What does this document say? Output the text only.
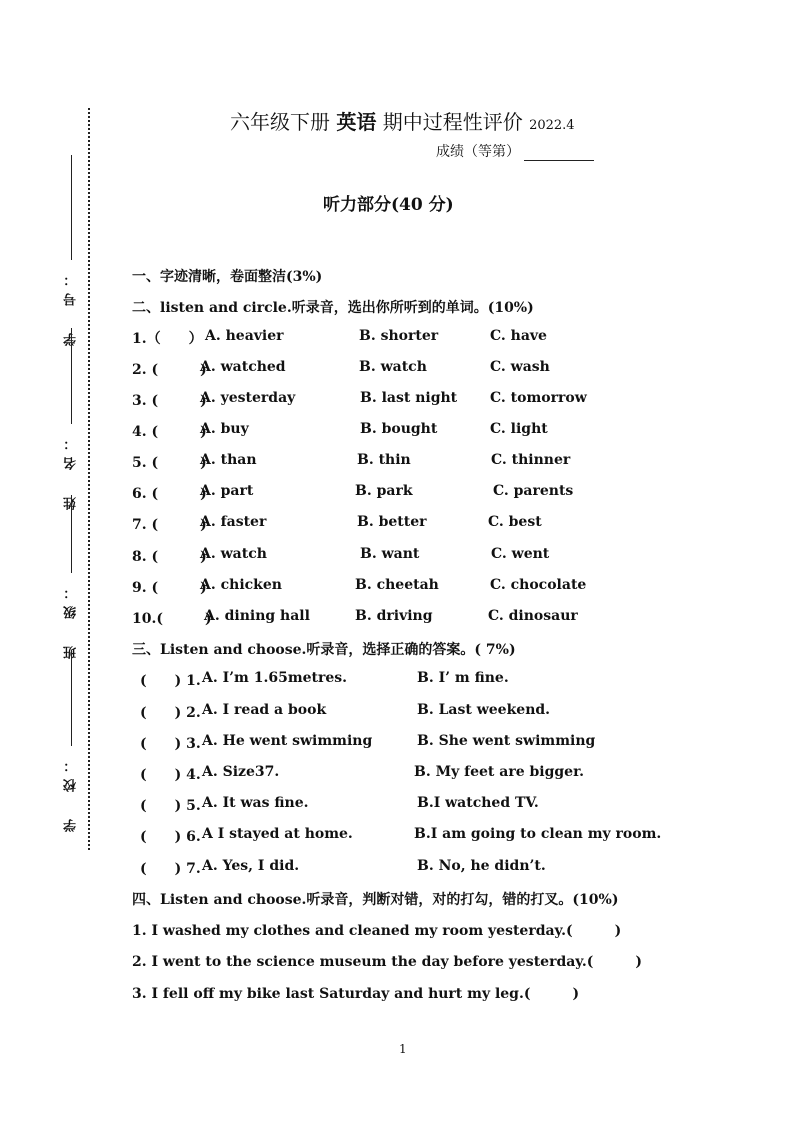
学　号：
姓　名：
班　级：
学　校：
六年级下册 英语 期中过程性评价 2022.4
成绩（等第）
听力部分(40 分)
一、字迹清晰，卷面整洁(3%)
二、listen and circle.听录音，选出你所听到的单词。(10%)
1.（　　） A. heavier	B. shorter	C. have
2. (　　　)
A. watched	B. watch	C. wash
3. (　　　)
A. yesterday	B. last night C. tomorrow
4. (　　　)
A. buy	B. bought	C. light
5. (　　　)
A. than	B. thin	C. thinner
6. (　　　)
A. part	B. park	C. parents
7. (　　　)
A. faster	B. better	C. best
8. (　　　)
A. watch	B. want	C. went
9. (　　　)
A. chicken	B. cheetah	C. chocolate
10.(　　　)
A. dining hall	B. driving	C. dinosaur
三、Listen and choose.听录音，选择正确的答案。( 7%)
(　　) 1. A. I’m 1.65metres.	B. I’ m fine.
(　　) 2. A. I read a book	B. Last weekend.
(　　) 3. A. He went swimming	B. She went swimming
(　　) 4. A. Size37.	B. My feet are bigger.
(　　) 5. A. It was fine.	B.I watched TV.
(　　) 6. A I stayed at home.	B.I am going to clean my room.
(　　) 7. A. Yes, I did.	B. No, he didn’t.
四、Listen and choose.听录音，判断对错，对的打勾，错的打叉。(10%)
1. I washed my clothes and cleaned my room yesterday.(　　　)
2. I went to the science museum the day before yesterday.(　　　)
3. I fell off my bike last Saturday and hurt my leg.(　　　)
1
